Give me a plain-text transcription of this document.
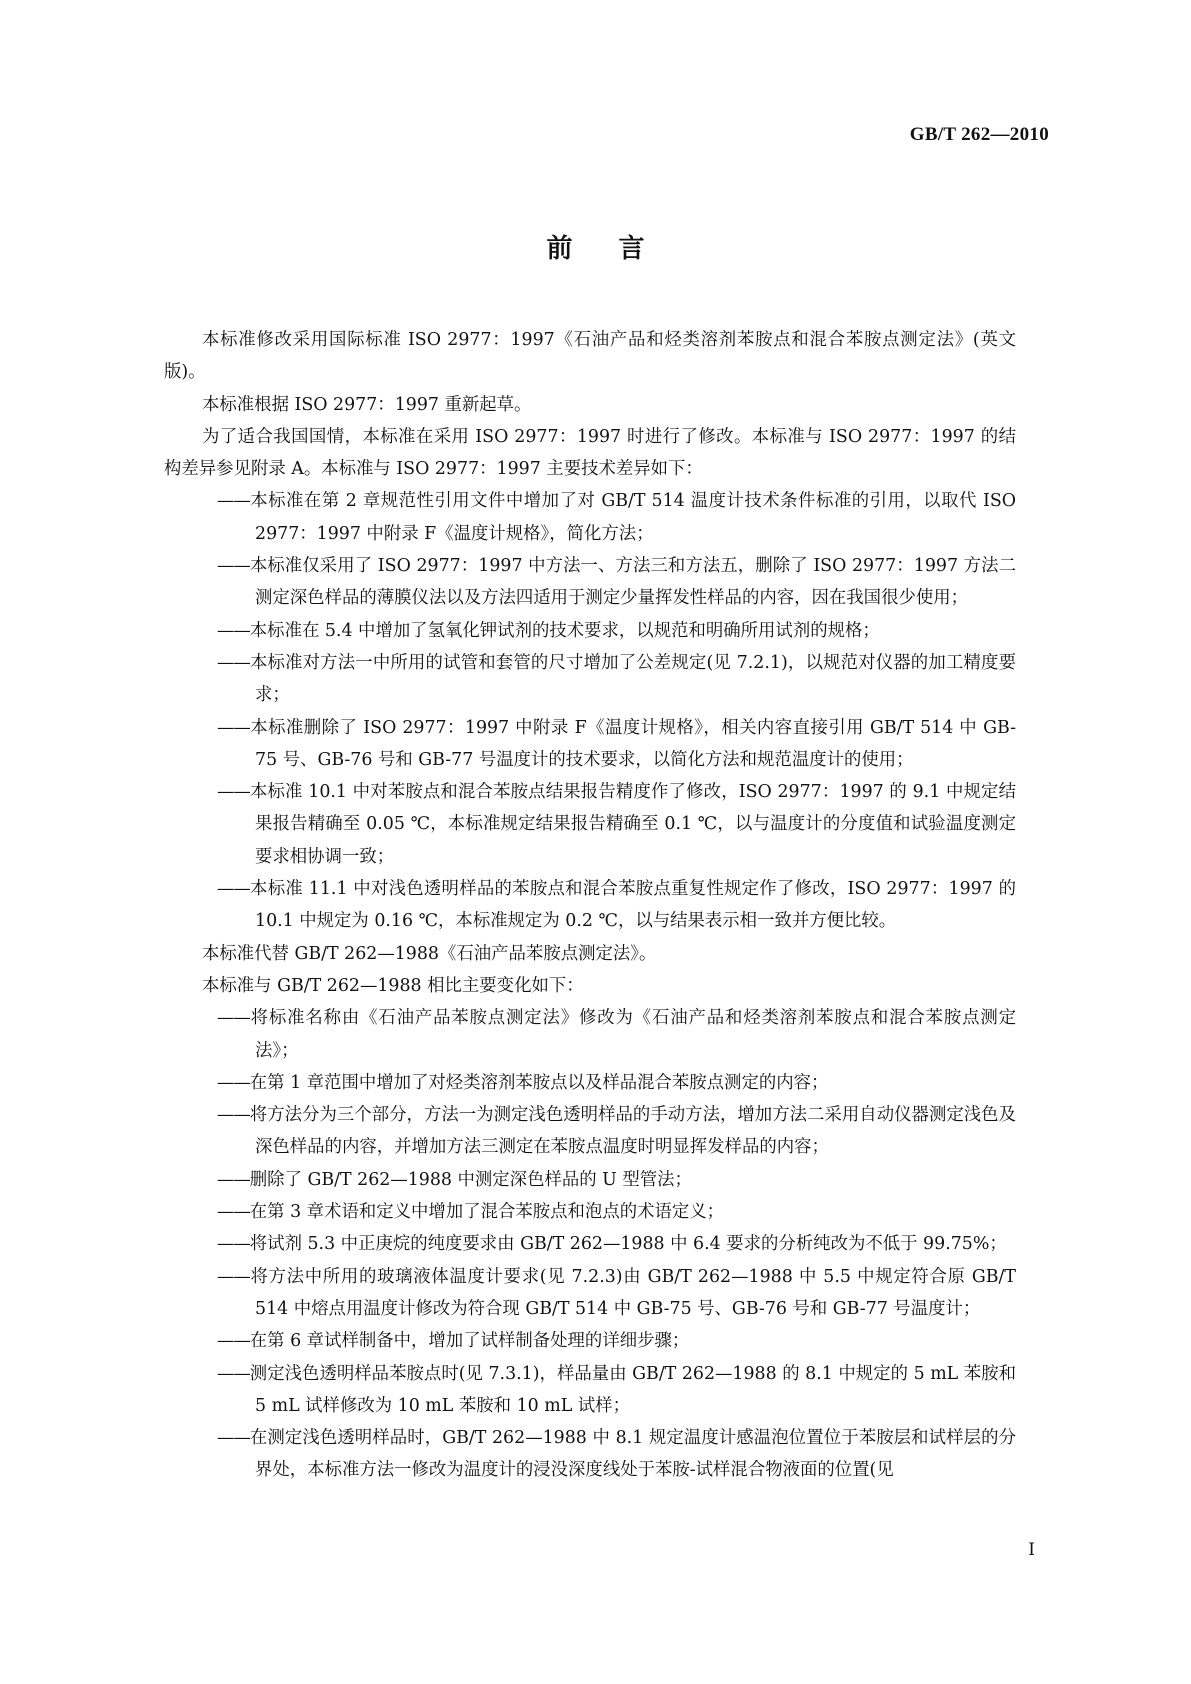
GB/T 262—2010
前言

本标准修改采用国际标准 ISO 2977：1997《石油产品和烃类溶剂苯胺点和混合苯胺点测定法》(英文版)。

本标准根据 ISO 2977：1997 重新起草。

为了适合我国国情，本标准在采用 ISO 2977：1997 时进行了修改。本标准与 ISO 2977：1997 的结构差异参见附录 A。本标准与 ISO 2977：1997 主要技术差异如下：

——本标准在第 2 章规范性引用文件中增加了对 GB/T 514 温度计技术条件标准的引用，以取代 ISO 2977：1997 中附录 F《温度计规格》，简化方法；

——本标准仅采用了 ISO 2977：1997 中方法一、方法三和方法五，删除了 ISO 2977：1997 方法二测定深色样品的薄膜仪法以及方法四适用于测定少量挥发性样品的内容，因在我国很少使用；

——本标准在 5.4 中增加了氢氧化钾试剂的技术要求，以规范和明确所用试剂的规格；

——本标准对方法一中所用的试管和套管的尺寸增加了公差规定(见 7.2.1)，以规范对仪器的加工精度要求；

——本标准删除了 ISO 2977：1997 中附录 F《温度计规格》，相关内容直接引用 GB/T 514 中 GB-75 号、GB-76 号和 GB-77 号温度计的技术要求，以简化方法和规范温度计的使用；

——本标准 10.1 中对苯胺点和混合苯胺点结果报告精度作了修改，ISO 2977：1997 的 9.1 中规定结果报告精确至 0.05 ℃，本标准规定结果报告精确至 0.1 ℃，以与温度计的分度值和试验温度测定要求相协调一致；

——本标准 11.1 中对浅色透明样品的苯胺点和混合苯胺点重复性规定作了修改，ISO 2977：1997 的 10.1 中规定为 0.16 ℃，本标准规定为 0.2 ℃，以与结果表示相一致并方便比较。

本标准代替 GB/T 262—1988《石油产品苯胺点测定法》。

本标准与 GB/T 262—1988 相比主要变化如下：

——将标准名称由《石油产品苯胺点测定法》修改为《石油产品和烃类溶剂苯胺点和混合苯胺点测定法》；

——在第 1 章范围中增加了对烃类溶剂苯胺点以及样品混合苯胺点测定的内容；

——将方法分为三个部分，方法一为测定浅色透明样品的手动方法，增加方法二采用自动仪器测定浅色及深色样品的内容，并增加方法三测定在苯胺点温度时明显挥发样品的内容；

——删除了 GB/T 262—1988 中测定深色样品的 U 型管法；

——在第 3 章术语和定义中增加了混合苯胺点和泡点的术语定义；

——将试剂 5.3 中正庚烷的纯度要求由 GB/T 262—1988 中 6.4 要求的分析纯改为不低于 99.75%；

——将方法中所用的玻璃液体温度计要求(见 7.2.3)由 GB/T 262—1988 中 5.5 中规定符合原 GB/T 514 中熔点用温度计修改为符合现 GB/T 514 中 GB-75 号、GB-76 号和 GB-77 号温度计；

——在第 6 章试样制备中，增加了试样制备处理的详细步骤；

——测定浅色透明样品苯胺点时(见 7.3.1)，样品量由 GB/T 262—1988 的 8.1 中规定的 5 mL 苯胺和 5 mL 试样修改为 10 mL 苯胺和 10 mL 试样；

——在测定浅色透明样品时，GB/T 262—1988 中 8.1 规定温度计感温泡位置位于苯胺层和试样层的分界处，本标准方法一修改为温度计的浸没深度线处于苯胺-试样混合物液面的位置(见

Ⅰ
